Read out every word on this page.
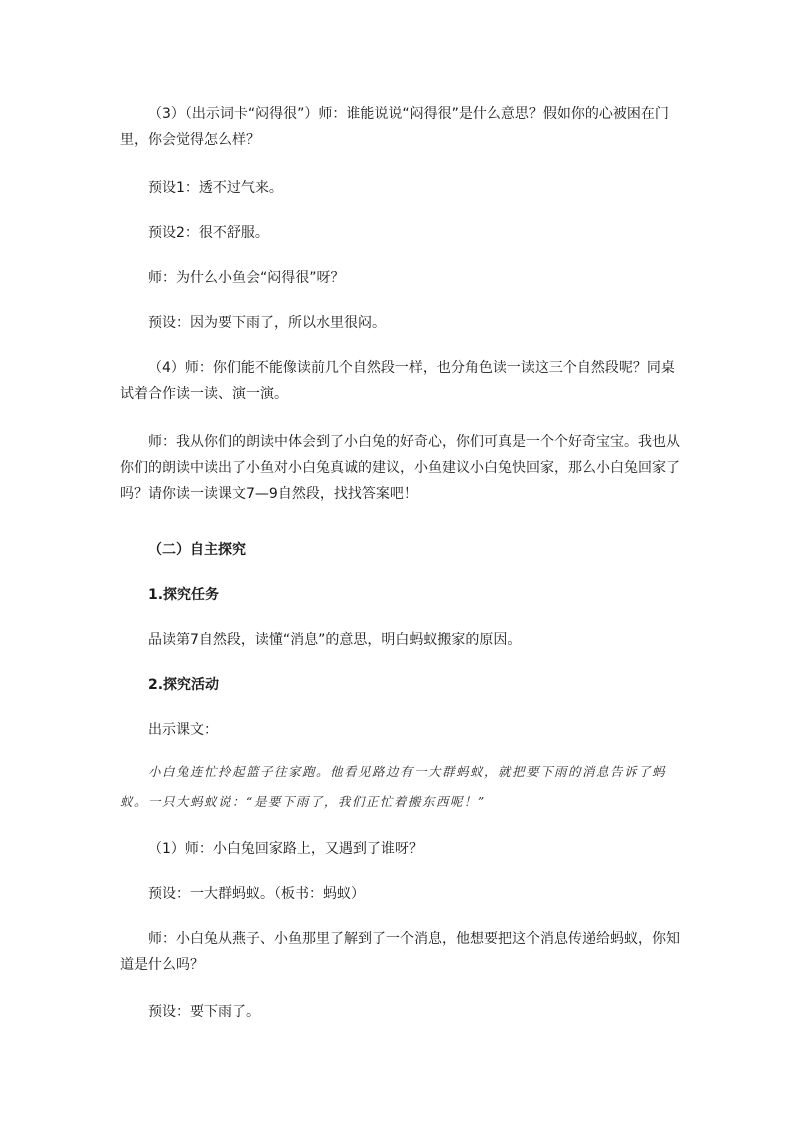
（3）（出示词卡“闷得很”）师：谁能说说“闷得很”是什么意思？假如你的心被困在门里，你会觉得怎么样？

预设1：透不过气来。

预设2：很不舒服。

师：为什么小鱼会“闷得很”呀？

预设：因为要下雨了，所以水里很闷。

（4）师：你们能不能像读前几个自然段一样，也分角色读一读这三个自然段呢？同桌试着合作读一读、演一演。

师：我从你们的朗读中体会到了小白兔的好奇心，你们可真是一个个好奇宝宝。我也从你们的朗读中读出了小鱼对小白兔真诚的建议，小鱼建议小白兔快回家，那么小白兔回家了吗？请你读一读课文7—9自然段，找找答案吧！

（二）自主探究

1.探究任务

品读第7自然段，读懂“消息”的意思，明白蚂蚁搬家的原因。

2.探究活动

出示课文：

小白兔连忙拎起篮子往家跑。他看见路边有一大群蚂蚁，就把要下雨的消息告诉了蚂蚁。一只大蚂蚁说：“是要下雨了，我们正忙着搬东西呢！”

（1）师：小白兔回家路上，又遇到了谁呀？

预设：一大群蚂蚁。（板书：蚂蚁）

师：小白兔从燕子、小鱼那里了解到了一个消息，他想要把这个消息传递给蚂蚁，你知道是什么吗？

预设：要下雨了。
